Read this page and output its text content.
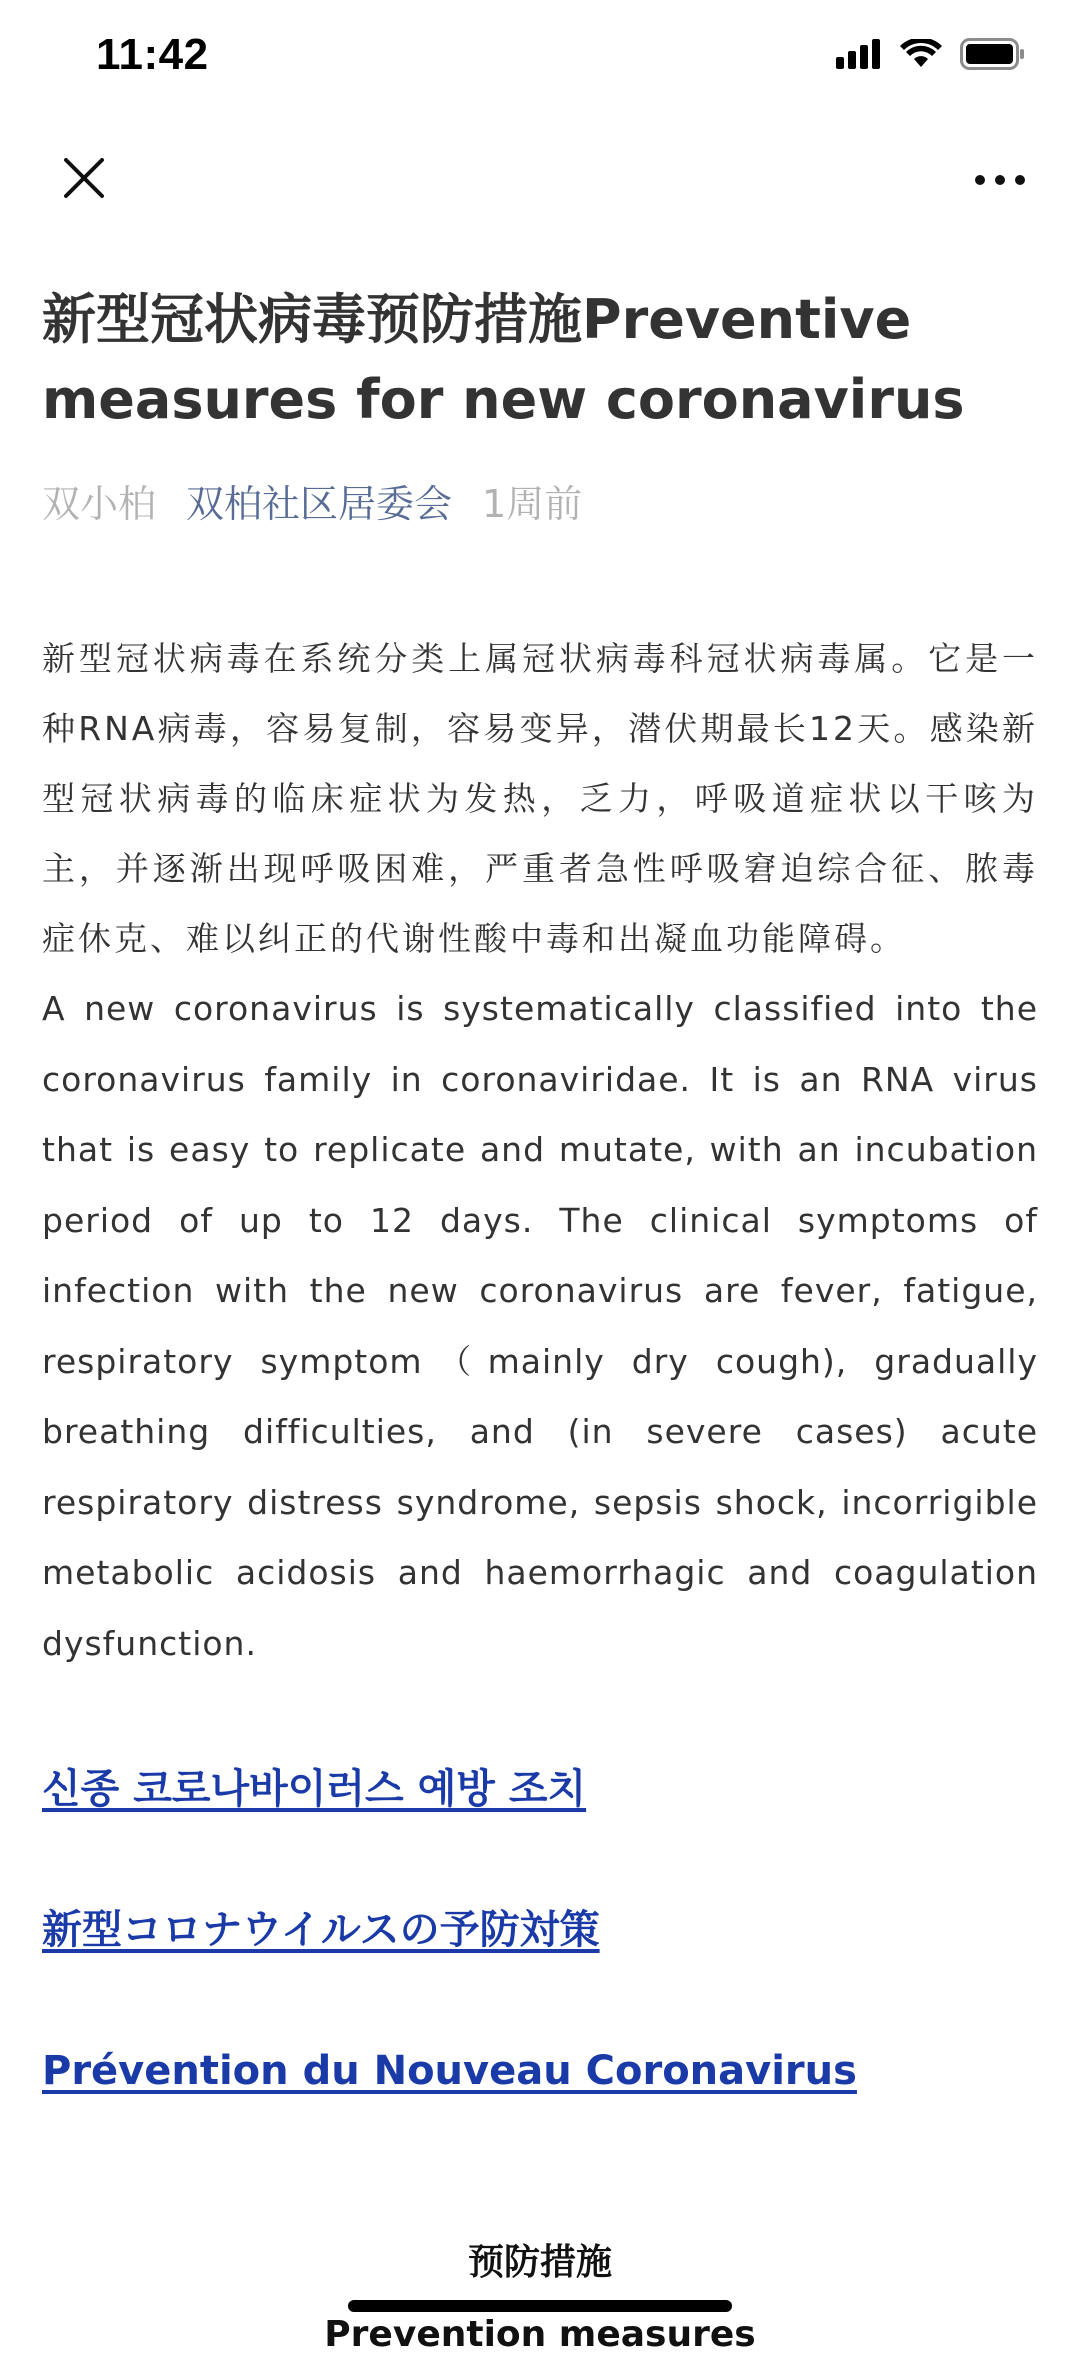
11:42
新型冠状病毒预防措施Preventive measures for new coronavirus
双小柏 双柏社区居委会 1周前

新型冠状病毒在系统分类上属冠状病毒科冠状病毒属。它是一种RNA病毒，容易复制，容易变异，潜伏期最长12天。感染新型冠状病毒的临床症状为发热，乏力，呼吸道症状以干咳为主，并逐渐出现呼吸困难，严重者急性呼吸窘迫综合征、脓毒症休克、难以纠正的代谢性酸中毒和出凝血功能障碍。

A new coronavirus is systematically classified into the coronavirus family in coronaviridae. It is an RNA virus that is easy to replicate and mutate, with an incubation period of up to 12 days. The clinical symptoms of infection with the new coronavirus are fever, fatigue, respiratory symptom（mainly dry cough), gradually breathing difficulties, and (in severe cases) acute respiratory distress syndrome, sepsis shock, incorrigible metabolic acidosis and haemorrhagic and coagulation dysfunction.

신종 코로나바이러스 예방 조치
新型コロナウイルスの予防対策
Prévention du Nouveau Coronavirus
预防措施
Prevention measures
